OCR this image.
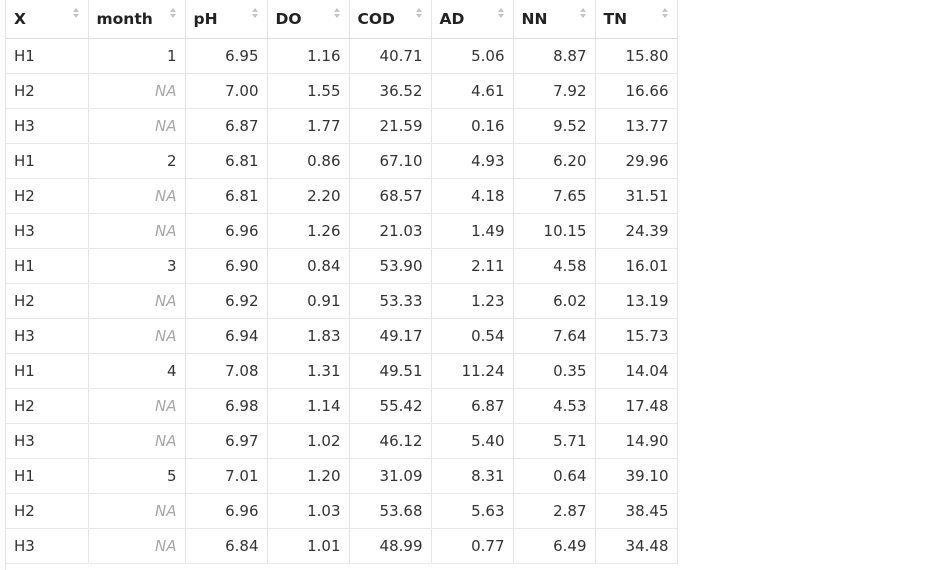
X	month	pH	DO	COD	AD	NN	TN

H1	1	6.95	1.16	40.71	5.06	8.87	15.80
H2	NA	7.00	1.55	36.52	4.61	7.92	16.66
H3	NA	6.87	1.77	21.59	0.16	9.52	13.77
H1	2	6.81	0.86	67.10	4.93	6.20	29.96
H2	NA	6.81	2.20	68.57	4.18	7.65	31.51
H3	NA	6.96	1.26	21.03	1.49	10.15	24.39
H1	3	6.90	0.84	53.90	2.11	4.58	16.01
H2	NA	6.92	0.91	53.33	1.23	6.02	13.19
H3	NA	6.94	1.83	49.17	0.54	7.64	15.73
H1	4	7.08	1.31	49.51	11.24	0.35	14.04
H2	NA	6.98	1.14	55.42	6.87	4.53	17.48
H3	NA	6.97	1.02	46.12	5.40	5.71	14.90
H1	5	7.01	1.20	31.09	8.31	0.64	39.10
H2	NA	6.96	1.03	53.68	5.63	2.87	38.45
H3	NA	6.84	1.01	48.99	0.77	6.49	34.48
